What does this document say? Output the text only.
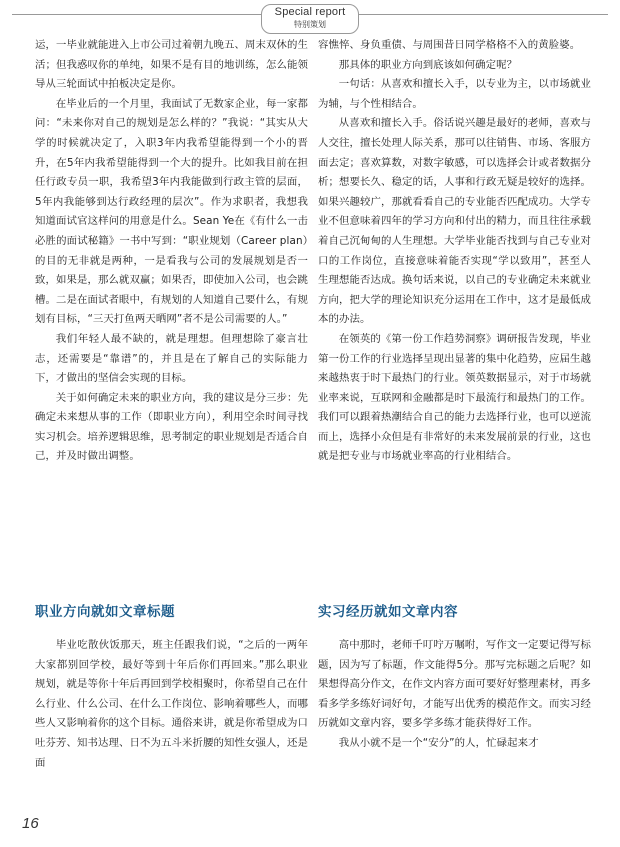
Special report
特别策划

运，一毕业就能进入上市公司过着朝九晚五、周末双休的生活；但我惑叹你的单纯，如果不是有目的地训练，怎么能领导从三轮面试中拍板决定是你。

在毕业后的一个月里，我面试了无数家企业，每一家都问：“未来你对自己的规划是怎么样的？”我说：“其实从大学的时候就决定了，入职3年内我希望能得到一个小的晋升，在5年内我希望能得到一个大的提升。比如我目前在担任行政专员一职，我希望3年内我能做到行政主管的层面，5年内我能够到达行政经理的层次”。作为求职者，我想我知道面试官这样问的用意是什么。Sean Ye在《有什么一击必胜的面试秘籍》一书中写到：“职业规划（Career plan）的目的无非就是两种，一是看我与公司的发展规划是否一致，如果是，那么就双赢；如果否，即使加入公司，也会跳槽。二是在面试者眼中，有规划的人知道自己要什么，有规划有目标，“三天打鱼两天晒网”者不是公司需要的人。”

我们年轻人最不缺的，就是理想。但理想除了豪言壮志，还需要是“靠谱”的，并且是在了解自己的实际能力下，才做出的坚信会实现的目标。

关于如何确定未来的职业方向，我的建议是分三步：先确定未来想从事的工作（即职业方向），利用空余时间寻找实习机会。培养逻辑思维，思考制定的职业规划是否适合自己，并及时做出调整。

容憔悴、身负重债、与周围昔日同学格格不入的黄脸婆。

那具体的职业方向到底该如何确定呢？

一句话：从喜欢和擅长入手，以专业为主，以市场就业为辅，与个性相结合。

从喜欢和擅长入手。俗话说兴趣是最好的老师，喜欢与人交往，擅长处理人际关系，那可以往销售、市场、客服方面去定；喜欢算数，对数字敏感，可以选择会计或者数据分析；想要长久、稳定的话，人事和行政无疑是较好的选择。如果兴趣较广，那就看看自己的专业能否匹配成功。大学专业不但意味着四年的学习方向和付出的精力，而且往往承载着自己沉甸甸的人生理想。大学毕业能否找到与自己专业对口的工作岗位，直接意味着能否实现“学以致用”，甚至人生理想能否达成。换句话来说，以自己的专业确定未来就业方向，把大学的理论知识充分运用在工作中，这才是最低成本的办法。

在领英的《第一份工作趋势洞察》调研报告发现，毕业第一份工作的行业选择呈现出显著的集中化趋势，应届生越来越热衷于时下最热门的行业。领英数据显示，对于市场就业率来说，互联网和金融都是时下最流行和最热门的工作。我们可以跟着热潮结合自己的能力去选择行业，也可以逆流而上，选择小众但是有非常好的未来发展前景的行业，这也就是把专业与市场就业率高的行业相结合。

职业方向就如文章标题	实习经历就如文章内容

毕业吃散伙饭那天，班主任跟我们说，“之后的一两年大家都别回学校，最好等到十年后你们再回来。”那么职业规划，就是等你十年后再回到学校相聚时，你希望自己在什么行业、什么公司、在什么工作岗位、影响着哪些人，而哪些人又影响着你的这个目标。通俗来讲，就是你希望成为口吐芬芳、知书达理、日不为五斗米折腰的知性女强人，还是面

高中那时，老师千叮咛万嘱咐，写作文一定要记得写标题，因为写了标题，作文能得5分。那写完标题之后呢？如果想得高分作文，在作文内容方面可要好好整理素材，再多看多学多练好词好句，才能写出优秀的模范作文。而实习经历就如文章内容，要多学多练才能获得好工作。

我从小就不是一个“安分”的人，忙碌起来才

16
